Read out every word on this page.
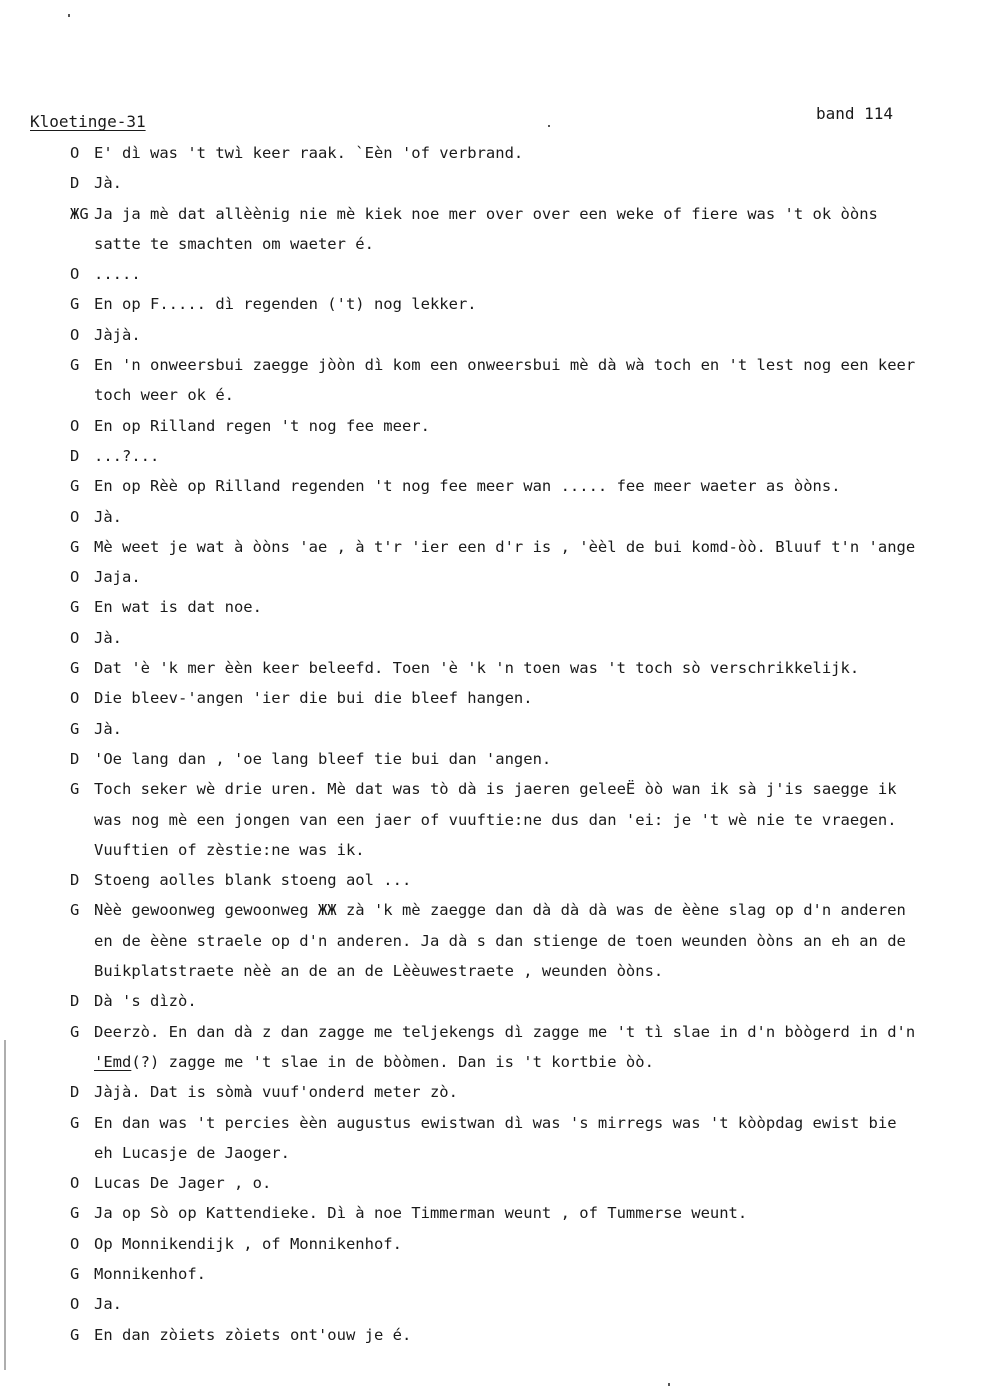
Kloetinge-31	band 114
O E' dì was 't twì keer raak. `Eèn 'of verbrand.
D Jà.
ЖG Ja ja mè dat allèènig nie mè kiek noe mer over over een weke of fiere was 't ok òòns
satte te smachten om waeter é.
O .....
G En op F..... dì regenden ('t) nog lekker.
O Jàjà.
G En 'n onweersbui zaegge jòòn dì kom een onweersbui mè dà wà toch en 't lest nog een keer
toch weer ok é.
O En op Rilland regen 't nog fee meer.
D ...?...
G En op Rèè op Rilland regenden 't nog fee meer wan ..... fee meer waeter as òòns.
O Jà.
G Mè weet je wat à òòns 'ae , à t'r 'ier een d'r is , 'èèl de bui komd-òò. Bluuf t'n 'ange
O Jaja.
G En wat is dat noe.
O Jà.
G Dat 'è 'k mer èèn keer beleefd. Toen 'è 'k 'n toen was 't toch sò verschrikkelijk.
O Die bleev-'angen 'ier die bui die bleef hangen.
G Jà.
D 'Oe lang dan , 'oe lang bleef tie bui dan 'angen.
G Toch seker wè drie uren. Mè dat was tò dà is jaeren geleeЁ òò wan ik sà j'is saegge ik
was nog mè een jongen van een jaer of vuuftie:ne dus dan 'ei: je 't wè nie te vraegen.
Vuuftien of zèstie:ne was ik.
D Stoeng aolles blank stoeng aol ...
G Nèè gewoonweg gewoonweg ЖЖ zà 'k mè zaegge dan dà dà dà was de èène slag op d'n anderen
en de èène straele op d'n anderen. Ja dà s dan stienge de toen weunden òòns an eh an de
Buikplatstraete nèè an de an de Lèèuwestraete , weunden òòns.
D Dà 's dìzò.
G Deerzò. En dan dà z dan zagge me teljekengs dì zagge me 't tì slae in d'n bòògerd in d'n
'Emd(?) zagge me 't slae in de bòòmen. Dan is 't kortbie òò.
D Jàjà. Dat is sòmà vuuf'onderd meter zò.
G En dan was 't percies èèn augustus ewistwan dì was 's mirregs was 't kòòpdag ewist bie
eh Lucasje de Jaoger.
O Lucas De Jager , o.
G Ja op Sò op Kattendieke. Dì à noe Timmerman weunt , of Tummerse weunt.
O Op Monnikendijk , of Monnikenhof.
G Monnikenhof.
O Ja.
G En dan zòiets zòiets ont'ouw je é.
